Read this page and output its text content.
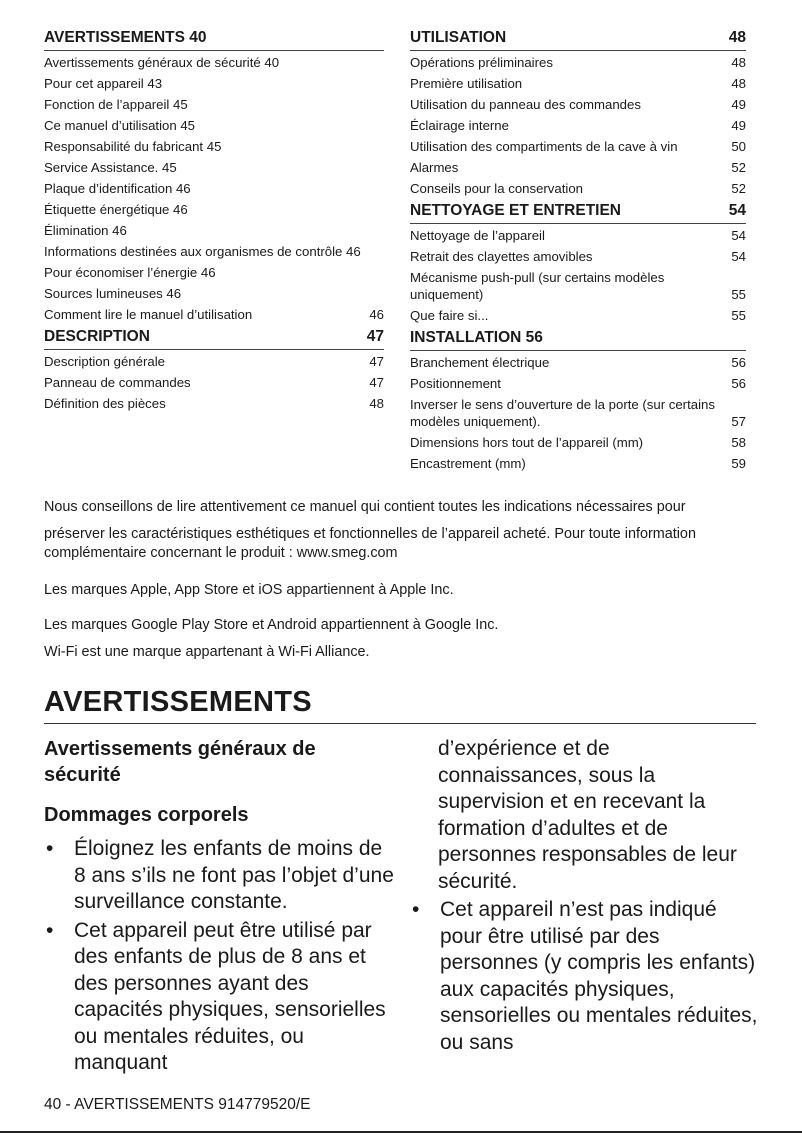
AVERTISSEMENTS 40
Avertissements généraux de sécurité 40
Pour cet appareil 43
Fonction de l’appareil 45
Ce manuel d’utilisation 45
Responsabilité du fabricant 45
Service Assistance. 45
Plaque d’identification 46
Étiquette énergétique 46
Élimination 46
Informations destinées aux organismes de contrôle 46
Pour économiser l’énergie 46
Sources lumineuses 46
Comment lire le manuel d’utilisation	46
DESCRIPTION	47
Description générale	47
Panneau de commandes	47
Définition des pièces	48
UTILISATION	48
Opérations préliminaires	48
Première utilisation	48
Utilisation du panneau des commandes	49
Éclairage interne	49
Utilisation des compartiments de la cave à vin	50
Alarmes	52
Conseils pour la conservation	52
NETTOYAGE ET ENTRETIEN	54
Nettoyage de l’appareil	54
Retrait des clayettes amovibles	54
Mécanisme push-pull (sur certains modèles uniquement)	55
Que faire si...	55
INSTALLATION 56
Branchement électrique	56
Positionnement	56
Inverser le sens d’ouverture de la porte (sur certains modèles uniquement).	57
Dimensions hors tout de l’appareil (mm)	58
Encastrement (mm)	59

Nous conseillons de lire attentivement ce manuel qui contient toutes les indications nécessaires pour

préserver les caractéristiques esthétiques et fonctionnelles de l’appareil acheté. Pour toute information complémentaire concernant le produit : www.smeg.com

Les marques Apple, App Store et iOS appartiennent à Apple Inc.

Les marques Google Play Store et Android appartiennent à Google Inc.

Wi-Fi est une marque appartenant à Wi-Fi Alliance.

AVERTISSEMENTS
Avertissements généraux de sécurité
Dommages corporels
• Éloignez les enfants de moins de 8 ans s’ils ne font pas l’objet d’une surveillance constante.
• Cet appareil peut être utilisé par des enfants de plus de 8 ans et des personnes ayant des capacités physiques, sensorielles ou mentales réduites, ou manquant
d’expérience et de connaissances, sous la supervision et en recevant la formation d’adultes et de personnes responsables de leur sécurité.
• Cet appareil n’est pas indiqué pour être utilisé par des personnes (y compris les enfants) aux capacités physiques, sensorielles ou mentales réduites, ou sans
40 - AVERTISSEMENTS 914779520/E
